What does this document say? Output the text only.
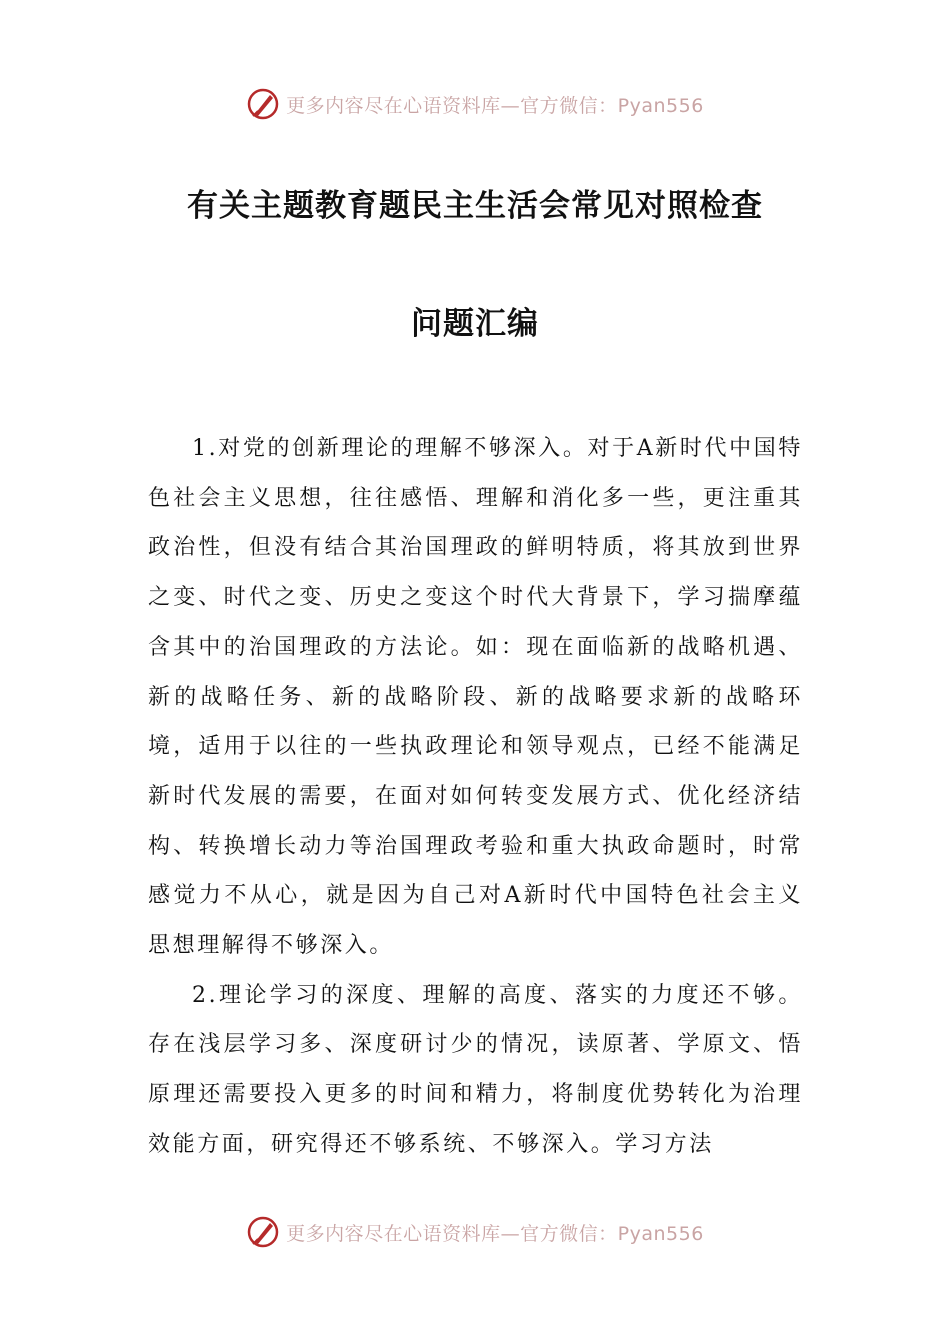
更多内容尽在心语资料库—官方微信：Pyan556
有关主题教育题民主生活会常见对照检查
问题汇编

1.对党的创新理论的理解不够深入。对于A新时代中国特色社会主义思想，往往感悟、理解和消化多一些，更注重其政治性，但没有结合其治国理政的鲜明特质，将其放到世界之变、时代之变、历史之变这个时代大背景下，学习揣摩蕴含其中的治国理政的方法论。如：现在面临新的战略机遇、新的战略任务、新的战略阶段、新的战略要求新的战略环境，适用于以往的一些执政理论和领导观点，已经不能满足新时代发展的需要，在面对如何转变发展方式、优化经济结构、转换增长动力等治国理政考验和重大执政命题时，时常感觉力不从心，就是因为自己对A新时代中国特色社会主义思想理解得不够深入。

2.理论学习的深度、理解的高度、落实的力度还不够。存在浅层学习多、深度研讨少的情况，读原著、学原文、悟原理还需要投入更多的时间和精力，将制度优势转化为治理效能方面，研究得还不够系统、不够深入。学习方法

更多内容尽在心语资料库—官方微信：Pyan556
